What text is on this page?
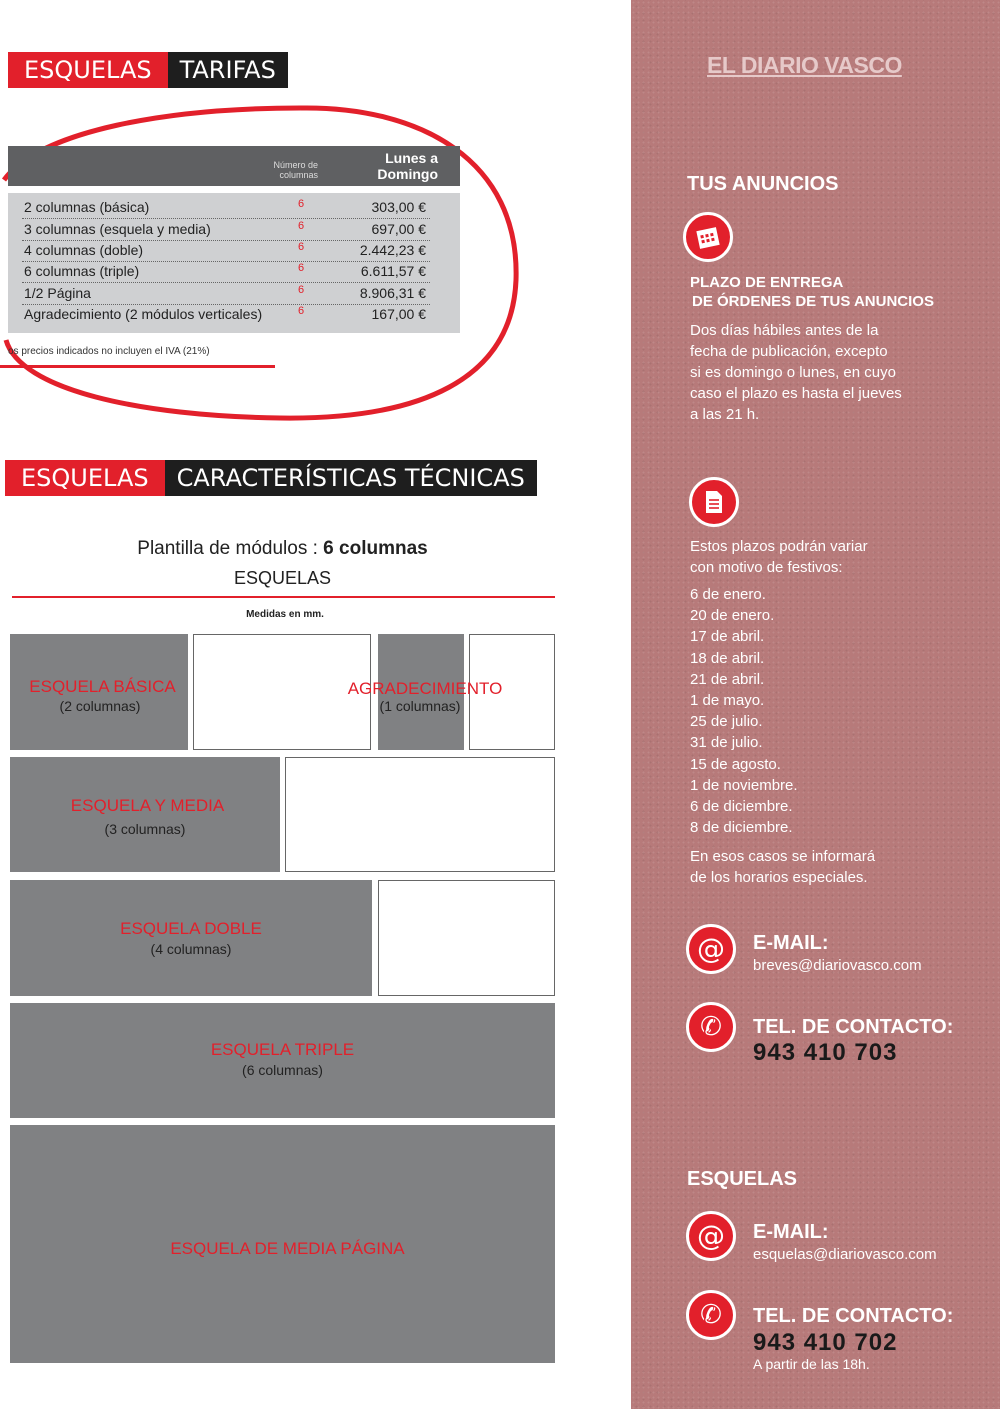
ESQUELAS	TARIFAS
Número de columnas
Lunes a Domingo
2 columnas (básica)	6	303,00 €
3 columnas (esquela y media)	6	697,00 €
4 columnas (doble)	6	2.442,23 €
6 columnas (triple)	6	6.611,57 €
1/2 Página	6	8.906,31 €
Agradecimiento (2 módulos verticales)	6	167,00 €
os precios indicados no incluyen el IVA (21%)
ESQUELAS	CARACTERÍSTICAS TÉCNICAS
Plantilla de módulos : 6 columnas
ESQUELAS
Medidas en mm.
ESQUELA BÁSICA
(2 columnas)
AGRADECIMIENTO
(1 columnas)
ESQUELA Y MEDIA
(3 columnas)
ESQUELA DOBLE
(4 columnas)
ESQUELA TRIPLE
(6 columnas)
ESQUELA DE MEDIA PÁGINA
EL DIARIO VASCO
TUS ANUNCIOS
PLAZO DE ENTREGA
DE ÓRDENES DE TUS ANUNCIOS
Dos días hábiles antes de la
fecha de publicación, excepto
si es domingo o lunes, en cuyo
caso el plazo es hasta el jueves
a las 21 h.
Estos plazos podrán variar
con motivo de festivos:
6 de enero.
20 de enero.
17 de abril.
18 de abril.
21 de abril.
1 de mayo.
25 de julio.
31 de julio.
15 de agosto.
1 de noviembre.
6 de diciembre.
8 de diciembre.
En esos casos se informará
de los horarios especiales.
@ E-MAIL:
breves@diariovasco.com
✆ TEL. DE CONTACTO:
943 410 703
ESQUELAS
@ E-MAIL:
esquelas@diariovasco.com
✆ TEL. DE CONTACTO:
943 410 702
A partir de las 18h.
